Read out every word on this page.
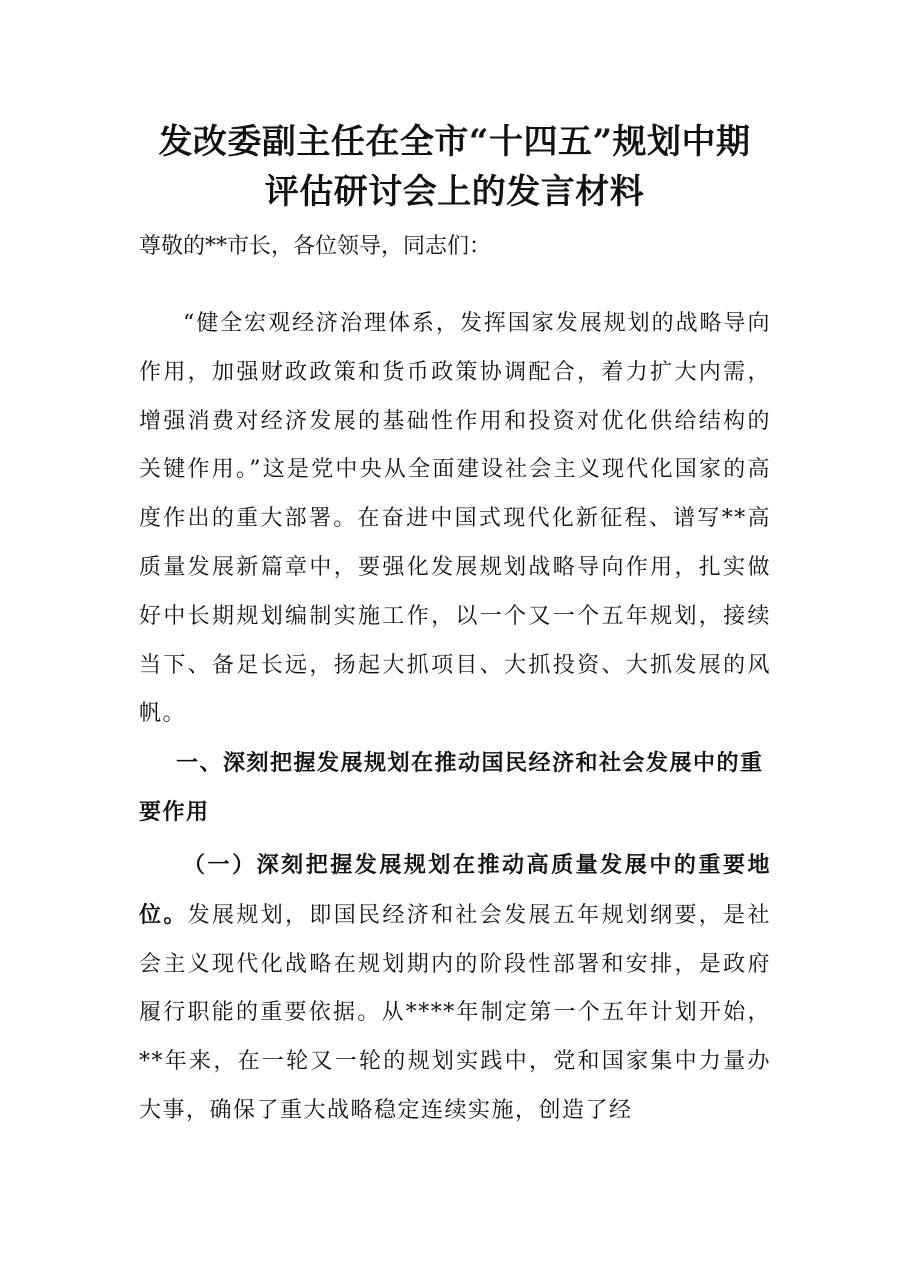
发改委副主任在全市“十四五”规划中期
评估研讨会上的发言材料

尊敬的**市长，各位领导，同志们：

“健全宏观经济治理体系，发挥国家发展规划的战略导向作用，加强财政政策和货币政策协调配合，着力扩大内需，增强消费对经济发展的基础性作用和投资对优化供给结构的关键作用。”这是党中央从全面建设社会主义现代化国家的高度作出的重大部署。在奋进中国式现代化新征程、谱写**高质量发展新篇章中，要强化发展规划战略导向作用，扎实做好中长期规划编制实施工作，以一个又一个五年规划，接续当下、备足长远，扬起大抓项目、大抓投资、大抓发展的风帆。

一、深刻把握发展规划在推动国民经济和社会发展中的重要作用

（一）深刻把握发展规划在推动高质量发展中的重要地位。发展规划，即国民经济和社会发展五年规划纲要，是社会主义现代化战略在规划期内的阶段性部署和安排，是政府履行职能的重要依据。从****年制定第一个五年计划开始，**年来，在一轮又一轮的规划实践中，党和国家集中力量办大事，确保了重大战略稳定连续实施，创造了经
